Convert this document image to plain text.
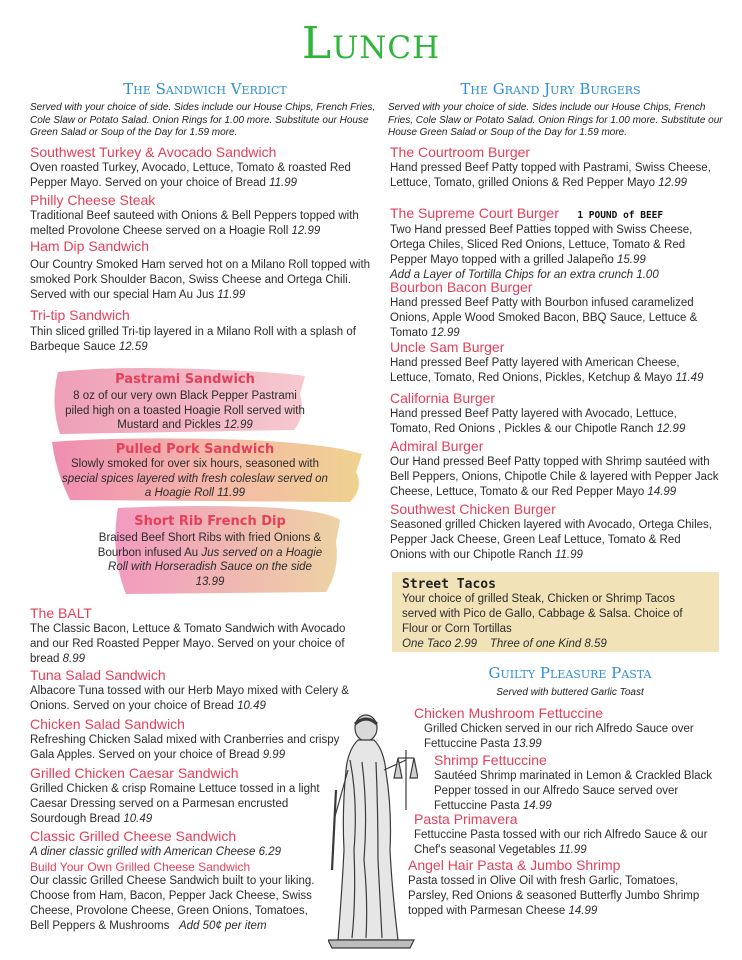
Lunch
The Sandwich Verdict
Served with your choice of side. Sides include our House Chips, French Fries, Cole Slaw or Potato Salad. Onion Rings for 1.00 more. Substitute our House Green Salad or Soup of the Day for 1.59 more.
Southwest Turkey & Avocado Sandwich
Oven roasted Turkey, Avocado, Lettuce, Tomato & roasted Red Pepper Mayo. Served on your choice of Bread 11.99
Philly Cheese Steak
Traditional Beef sauteed with Onions & Bell Peppers topped with melted Provolone Cheese served on a Hoagie Roll 12.99
Ham Dip Sandwich
Our Country Smoked Ham served hot on a Milano Roll topped with smoked Pork Shoulder Bacon, Swiss Cheese and Ortega Chili. Served with our special Ham Au Jus 11.99
Tri-tip Sandwich
Thin sliced grilled Tri-tip layered in a Milano Roll with a splash of Barbeque Sauce 12.59
Pastrami Sandwich
8 oz of our very own Black Pepper Pastrami piled high on a toasted Hoagie Roll served with Mustard and Pickles 12.99
Pulled Pork Sandwich
Slowly smoked for over six hours, seasoned with special spices layered with fresh coleslaw served on a Hoagie Roll 11.99
Short Rib French Dip
Braised Beef Short Ribs with fried Onions & Bourbon infused Au Jus served on a Hoagie Roll with Horseradish Sauce on the side 13.99
The BALT
The Classic Bacon, Lettuce & Tomato Sandwich with Avocado and our Red Roasted Pepper Mayo. Served on your choice of bread 8.99
Tuna Salad Sandwich
Albacore Tuna tossed with our Herb Mayo mixed with Celery & Onions. Served on your choice of Bread 10.49
Chicken Salad Sandwich
Refreshing Chicken Salad mixed with Cranberries and crispy Gala Apples. Served on your choice of Bread 9.99
Grilled Chicken Caesar Sandwich
Grilled Chicken & crisp Romaine Lettuce tossed in a light Caesar Dressing served on a Parmesan encrusted Sourdough Bread 10.49
Classic Grilled Cheese Sandwich
A diner classic grilled with American Cheese 6.29
Build Your Own Grilled Cheese Sandwich
Our classic Grilled Cheese Sandwich built to your liking. Choose from Ham, Bacon, Pepper Jack Cheese, Swiss Cheese, Provolone Cheese, Green Onions, Tomatoes, Bell Peppers & Mushrooms Add 50¢ per item
The Grand Jury Burgers
Served with your choice of side. Sides include our House Chips, French Fries, Cole Slaw or Potato Salad. Onion Rings for 1.00 more. Substitute our House Green Salad or Soup of the Day for 1.59 more.
The Courtroom Burger
Hand pressed Beef Patty topped with Pastrami, Swiss Cheese, Lettuce, Tomato, grilled Onions & Red Pepper Mayo 12.99
The Supreme Court Burger 1 POUND of BEEF
Two Hand pressed Beef Patties topped with Swiss Cheese, Ortega Chiles, Sliced Red Onions, Lettuce, Tomato & Red Pepper Mayo topped with a grilled Jalapeño 15.99
Add a Layer of Tortilla Chips for an extra crunch 1.00
Bourbon Bacon Burger
Hand pressed Beef Patty with Bourbon infused caramelized Onions, Apple Wood Smoked Bacon, BBQ Sauce, Lettuce & Tomato 12.99
Uncle Sam Burger
Hand pressed Beef Patty layered with American Cheese, Lettuce, Tomato, Red Onions, Pickles, Ketchup & Mayo 11.49
California Burger
Hand pressed Beef Patty layered with Avocado, Lettuce, Tomato, Red Onions , Pickles & our Chipotle Ranch 12.99
Admiral Burger
Our Hand pressed Beef Patty topped with Shrimp sautéed with Bell Peppers, Onions, Chipotle Chile & layered with Pepper Jack Cheese, Lettuce, Tomato & our Red Pepper Mayo 14.99
Southwest Chicken Burger
Seasoned grilled Chicken layered with Avocado, Ortega Chiles, Pepper Jack Cheese, Green Leaf Lettuce, Tomato & Red Onions with our Chipotle Ranch 11.99
Street Tacos
Your choice of grilled Steak, Chicken or Shrimp Tacos served with Pico de Gallo, Cabbage & Salsa. Choice of Flour or Corn Tortillas
One Taco 2.99 Three of one Kind 8.59
Guilty Pleasure Pasta
Served with buttered Garlic Toast
Chicken Mushroom Fettuccine
Grilled Chicken served in our rich Alfredo Sauce over Fettuccine Pasta 13.99
Shrimp Fettuccine
Sautéed Shrimp marinated in Lemon & Crackled Black Pepper tossed in our Alfredo Sauce served over Fettuccine Pasta 14.99
Pasta Primavera
Fettuccine Pasta tossed with our rich Alfredo Sauce & our Chef's seasonal Vegetables 11.99
Angel Hair Pasta & Jumbo Shrimp
Pasta tossed in Olive Oil with fresh Garlic, Tomatoes, Parsley, Red Onions & seasoned Butterfly Jumbo Shrimp topped with Parmesan Cheese 14.99
